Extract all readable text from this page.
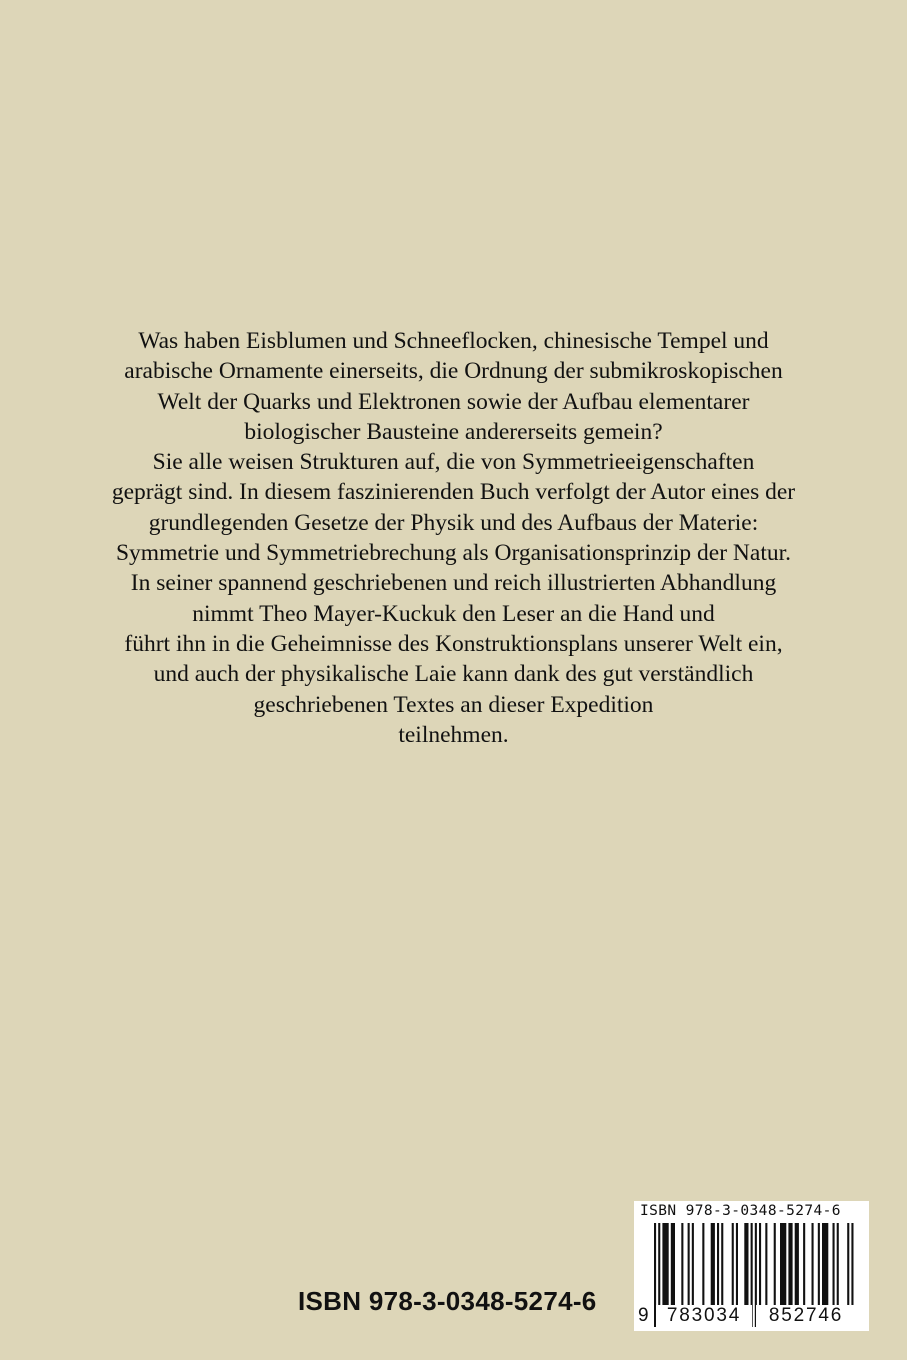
Was haben Eisblumen und Schneeflocken, chinesische Tempel und
arabische Ornamente einerseits, die Ordnung der submikroskopischen
Welt der Quarks und Elektronen sowie der Aufbau elementarer
biologischer Bausteine andererseits gemein?
Sie alle weisen Strukturen auf, die von Symmetrieeigenschaften
geprägt sind. In diesem faszinierenden Buch verfolgt der Autor eines der
grundlegenden Gesetze der Physik und des Aufbaus der Materie:
Symmetrie und Symmetriebrechung als Organisationsprinzip der Natur.
In seiner spannend geschriebenen und reich illustrierten Abhandlung
nimmt Theo Mayer-Kuckuk den Leser an die Hand und
führt ihn in die Geheimnisse des Konstruktionsplans unserer Welt ein,
und auch der physikalische Laie kann dank des gut verständlich
geschriebenen Textes an dieser Expedition
teilnehmen.
ISBN 978-3-0348-5274-6
ISBN 978-3-0348-5274-6
9 783034	852746
